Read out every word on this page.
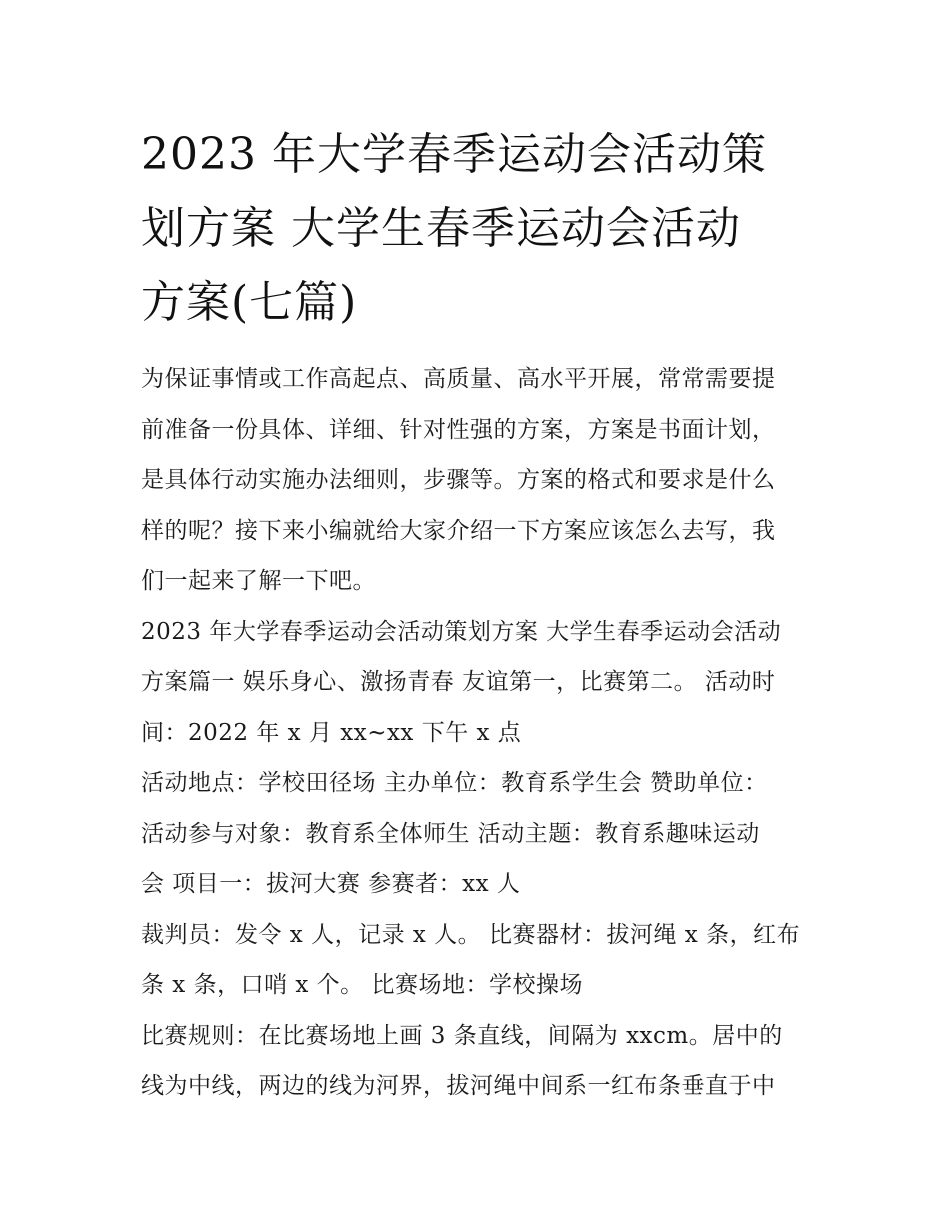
2023 年大学春季运动会活动策
划方案 大学生春季运动会活动
方案(七篇)
为保证事情或工作高起点、高质量、高水平开展，常常需要提
前准备一份具体、详细、针对性强的方案，方案是书面计划，
是具体行动实施办法细则，步骤等。方案的格式和要求是什么
样的呢？接下来小编就给大家介绍一下方案应该怎么去写，我
们一起来了解一下吧。
2023 年大学春季运动会活动策划方案 大学生春季运动会活动
方案篇一 娱乐身心、激扬青春 友谊第一，比赛第二。 活动时
间：2022 年 x 月 xx~xx 下午 x 点
活动地点：学校田径场 主办单位：教育系学生会 赞助单位：
活动参与对象：教育系全体师生 活动主题：教育系趣味运动
会 项目一：拔河大赛 参赛者：xx 人
裁判员：发令 x 人，记录 x 人。 比赛器材：拔河绳 x 条，红布
条 x 条，口哨 x 个。 比赛场地：学校操场
比赛规则：在比赛场地上画 3 条直线，间隔为 xxcm。居中的
线为中线，两边的线为河界，拔河绳中间系一红布条垂直于中
